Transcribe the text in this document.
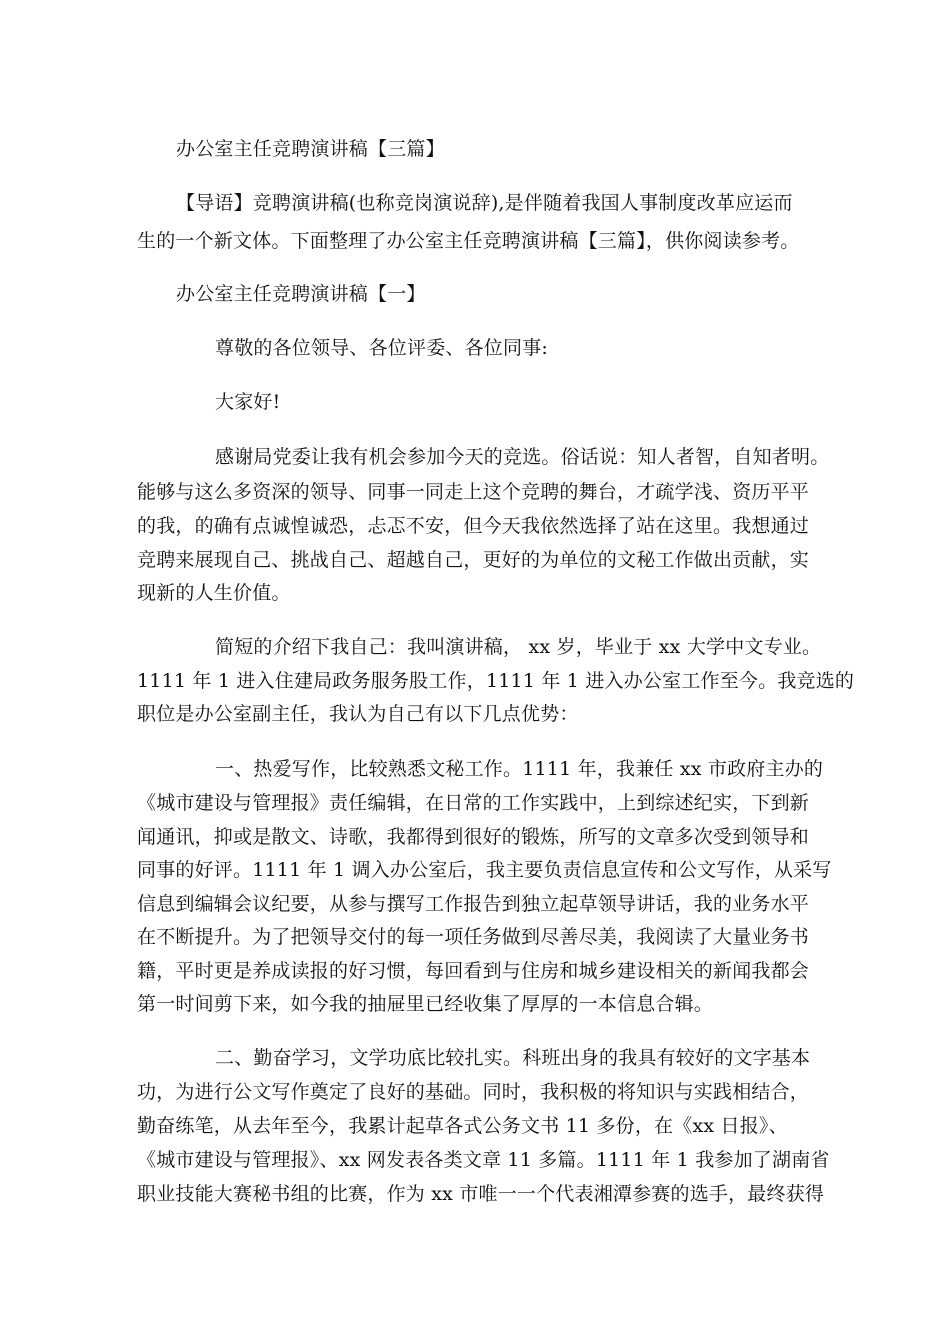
办公室主任竞聘演讲稿【三篇】
【导语】竞聘演讲稿(也称竞岗演说辞),是伴随着我国人事制度改革应运而
生的一个新文体。下面整理了办公室主任竞聘演讲稿【三篇】，供你阅读参考。
办公室主任竞聘演讲稿【一】
尊敬的各位领导、各位评委、各位同事:
大家好!
感谢局党委让我有机会参加今天的竞选。俗话说：知人者智，自知者明。
能够与这么多资深的领导、同事一同走上这个竞聘的舞台，才疏学浅、资历平平
的我，的确有点诚惶诚恐，忐忑不安，但今天我依然选择了站在这里。我想通过
竞聘来展现自己、挑战自己、超越自己，更好的为单位的文秘工作做出贡献，实
现新的人生价值。
简短的介绍下我自己：我叫演讲稿， xx 岁，毕业于 xx 大学中文专业。
1111 年 1 进入住建局政务服务股工作，1111 年 1 进入办公室工作至今。我竞选的
职位是办公室副主任，我认为自己有以下几点优势：
一、热爱写作，比较熟悉文秘工作。1111 年，我兼任 xx 市政府主办的
《城市建设与管理报》责任编辑，在日常的工作实践中，上到综述纪实，下到新
闻通讯，抑或是散文、诗歌，我都得到很好的锻炼，所写的文章多次受到领导和
同事的好评。1111 年 1 调入办公室后，我主要负责信息宣传和公文写作，从采写
信息到编辑会议纪要，从参与撰写工作报告到独立起草领导讲话，我的业务水平
在不断提升。为了把领导交付的每一项任务做到尽善尽美，我阅读了大量业务书
籍，平时更是养成读报的好习惯，每回看到与住房和城乡建设相关的新闻我都会
第一时间剪下来，如今我的抽屉里已经收集了厚厚的一本信息合辑。
二、勤奋学习，文学功底比较扎实。科班出身的我具有较好的文字基本
功，为进行公文写作奠定了良好的基础。同时，我积极的将知识与实践相结合，
勤奋练笔，从去年至今，我累计起草各式公务文书 11 多份，在《xx 日报》、
《城市建设与管理报》、xx 网发表各类文章 11 多篇。1111 年 1 我参加了湖南省
职业技能大赛秘书组的比赛，作为 xx 市唯一一个代表湘潭参赛的选手，最终获得
